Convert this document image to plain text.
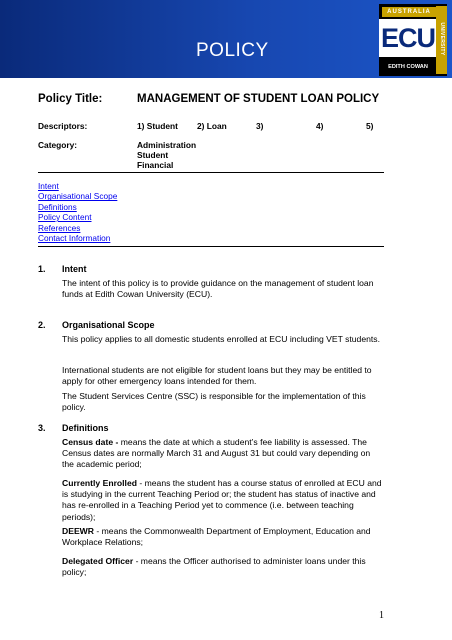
POLICY
AUSTRALIA
ECU
EDITH COWAN
UNIVERSITY
Policy Title:	MANAGEMENT OF STUDENT LOAN POLICY
Descriptors:	1) Student 2) Loan	3)	4)	5)
Category:	Administration
Student
Financial
Intent
Organisational Scope
Definitions
Policy Content
References
Contact Information
1. Intent
The intent of this policy is to provide guidance on the management of student loan funds at Edith Cowan University (ECU).
2. Organisational Scope
This policy applies to all domestic students enrolled at ECU including VET students.
International students are not eligible for student loans but they may be entitled to apply for other emergency loans intended for them.
The Student Services Centre (SSC) is responsible for the implementation of this policy.
3. Definitions
Census date - means the date at which a student’s fee liability is assessed. The Census dates are normally March 31 and August 31 but could vary depending on the academic period;
Currently Enrolled - means the student has a course status of enrolled at ECU and is studying in the current Teaching Period or; the student has status of inactive and has re-enrolled in a Teaching Period yet to commence (i.e. between teaching periods);
DEEWR - means the Commonwealth Department of Employment, Education and Workplace Relations;
Delegated Officer - means the Officer authorised to administer loans under this policy;
1
